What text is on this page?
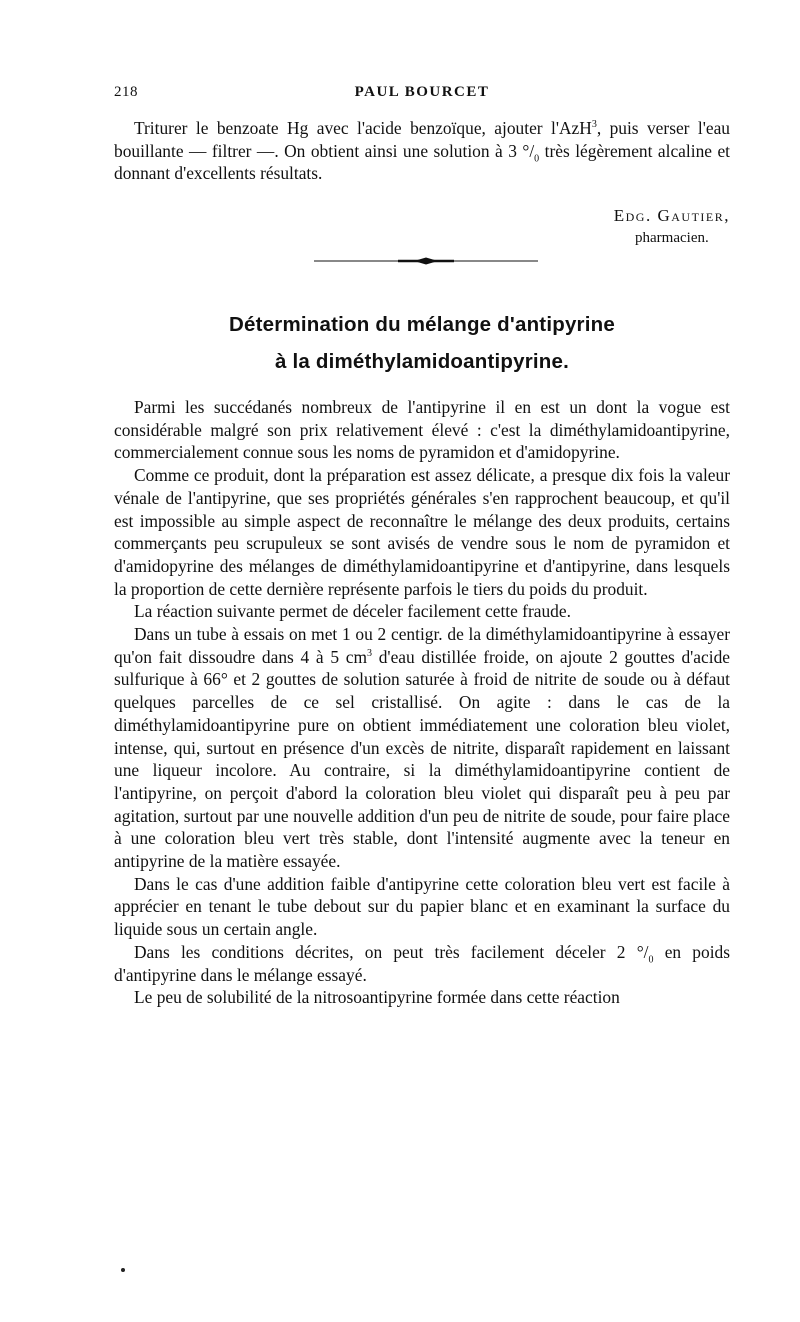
218	PAUL BOURCET

Triturer le benzoate Hg avec l'acide benzoïque, ajouter l'AzH$^3$, puis verser l'eau bouillante — filtrer —. On obtient ainsi une solution à 3 $^\circ/_0$ très légèrement alcaline et donnant d'excellents résultats.

Edg. Gautier,
pharmacien.
Détermination du mélange d'antipyrine
à la diméthylamidoantipyrine.

Parmi les succédanés nombreux de l'antipyrine il en est un dont la vogue est considérable malgré son prix relativement élevé : c'est la diméthylamidoantipyrine, commercialement connue sous les noms de pyramidon et d'amidopyrine.

Comme ce produit, dont la préparation est assez délicate, a presque dix fois la valeur vénale de l'antipyrine, que ses propriétés générales s'en rapprochent beaucoup, et qu'il est impossible au simple aspect de reconnaître le mélange des deux produits, certains commerçants peu scrupuleux se sont avisés de vendre sous le nom de pyramidon et d'amidopyrine des mélanges de diméthylamidoantipyrine et d'antipyrine, dans lesquels la proportion de cette dernière représente parfois le tiers du poids du produit.

La réaction suivante permet de déceler facilement cette fraude.

Dans un tube à essais on met 1 ou 2 centigr. de la diméthylamidoantipyrine à essayer qu'on fait dissoudre dans 4 à 5 $cm^3$ d'eau distillée froide, on ajoute 2 gouttes d'acide sulfurique à 66° et 2 gouttes de solution saturée à froid de nitrite de soude ou à défaut quelques parcelles de ce sel cristallisé. On agite : dans le cas de la diméthylamidoantipyrine pure on obtient immédiatement une coloration bleu violet, intense, qui, surtout en présence d'un excès de nitrite, disparaît rapidement en laissant une liqueur incolore. Au contraire, si la diméthylamidoantipyrine contient de l'antipyrine, on perçoit d'abord la coloration bleu violet qui disparaît peu à peu par agitation, surtout par une nouvelle addition d'un peu de nitrite de soude, pour faire place à une coloration bleu vert très stable, dont l'intensité augmente avec la teneur en antipyrine de la matière essayée.

Dans le cas d'une addition faible d'antipyrine cette coloration bleu vert est facile à apprécier en tenant le tube debout sur du papier blanc et en examinant la surface du liquide sous un certain angle.

Dans les conditions décrites, on peut très facilement déceler 2 $^\circ/_0$ en poids d'antipyrine dans le mélange essayé.

Le peu de solubilité de la nitrosoantipyrine formée dans cette réaction
